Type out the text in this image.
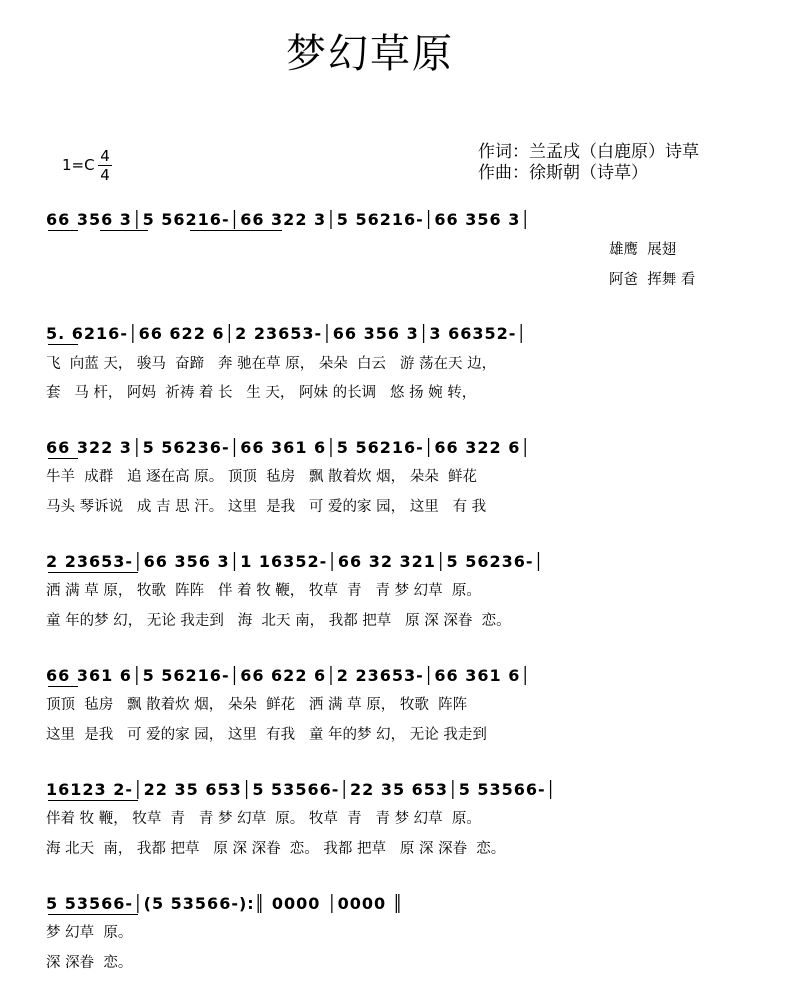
梦幻草原
1=C 4
4
作词：兰孟戌（白鹿原）诗草
作曲：徐斯朝（诗草）
66 356 3│5 56216-│66 322 3│5 56216-│66 356 3│
雄鹰  展翅
阿爸  挥舞 看
5. 6216-│66 622 6│2 23653-│66 356 3│3 66352-│
飞  向蓝 天， 骏马  奋蹄   奔 驰在草 原， 朵朵  白云   游 荡在天 边，
套   马 杆， 阿妈  祈祷 着 长   生 天， 阿妹 的长调   悠 扬 婉 转，
66 322 3│5 56236-│66 361 6│5 56216-│66 322 6│
牛羊  成群   追 逐在高 原。 顶顶  毡房   飘 散着炊 烟， 朵朵  鲜花
马头 琴诉说   成 吉 思 汗。 这里  是我   可 爱的家 园， 这里   有 我
2 23653-│66 356 3│1 16352-│66 32 321│5 56236-│
洒 满 草 原， 牧歌  阵阵   伴 着 牧 鞭， 牧草  青   青 梦 幻草  原。
童 年的梦 幻， 无论 我走到   海  北天 南， 我都 把草   原 深 深眷  恋。
66 361 6│5 56216-│66 622 6│2 23653-│66 361 6│
顶顶  毡房   飘 散着炊 烟， 朵朵  鲜花   洒 满 草 原， 牧歌  阵阵
这里  是我   可 爱的家 园， 这里  有我   童 年的梦 幻， 无论 我走到
16123 2-│22 35 653│5 53566-│22 35 653│5 53566-│
伴着 牧 鞭， 牧草  青   青 梦 幻草  原。 牧草  青   青 梦 幻草  原。
海 北天  南， 我都 把草   原 深 深眷  恋。 我都 把草   原 深 深眷  恋。
5 53566-│(5 53566-):║ 0000 │0000 ║
梦 幻草  原。
深 深眷  恋。
